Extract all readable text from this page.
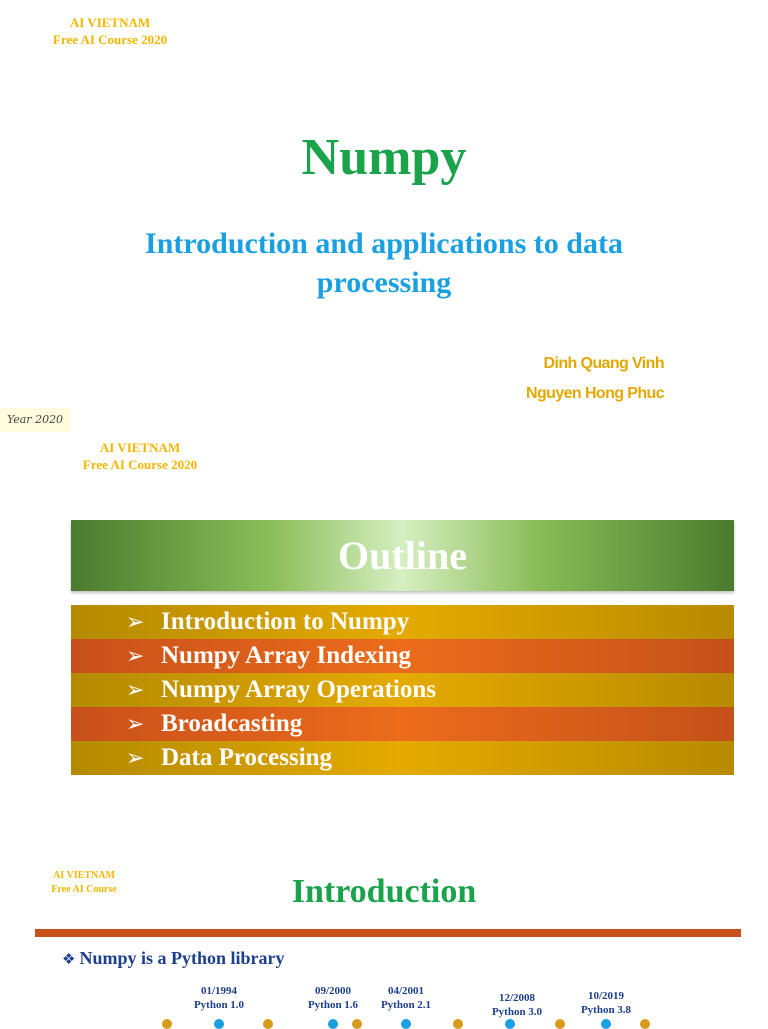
AI VIETNAM
Free AI Course 2020
Numpy
Introduction and applications to data processing
Dinh Quang Vinh
Nguyen Hong Phuc
Year 2020
AI VIETNAM
Free AI Course 2020
Outline
➢ Introduction to Numpy
➢ Numpy Array Indexing
➢ Numpy Array Operations
➢ Broadcasting
➢ Data Processing
AI VIETNAM
Free AI Course	Introduction
❖ Numpy is a Python library
01/1994
Python 1.0
09/2000
Python 1.6
04/2001
Python 2.1
12/2008
Python 3.0
10/2019
Python 3.8
